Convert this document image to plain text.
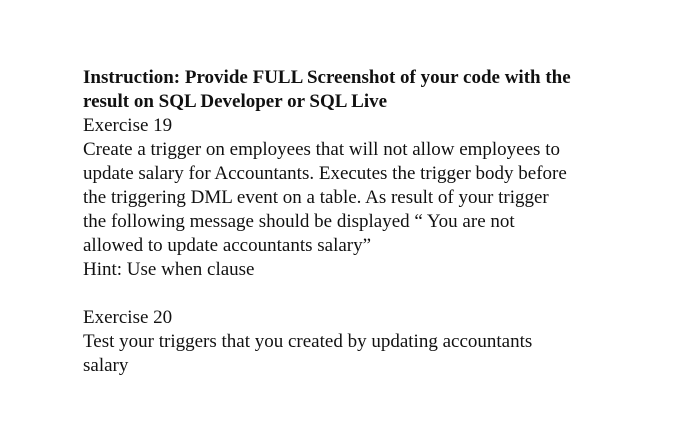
Instruction: Provide FULL Screenshot of your code with the
result on SQL Developer or SQL Live
Exercise 19
Create a trigger on employees that will not allow employees to
update salary for Accountants. Executes the trigger body before
the triggering DML event on a table. As result of your trigger
the following message should be displayed “ You are not
allowed to update accountants salary”
Hint: Use when clause
Exercise 20
Test your triggers that you created by updating accountants
salary
